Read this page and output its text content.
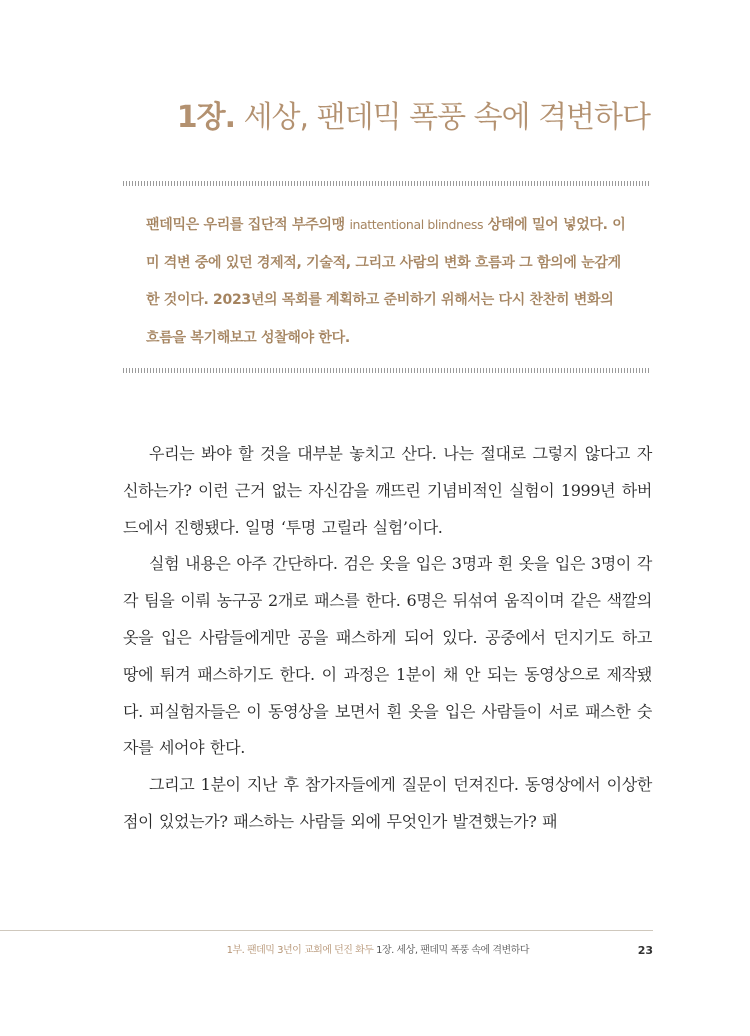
1장. 세상, 팬데믹 폭풍 속에 격변하다

팬데믹은 우리를 집단적 부주의맹 inattentional blindness 상태에 밀어 넣었다. 이미 격변 중에 있던 경제적, 기술적, 그리고 사람의 변화 흐름과 그 함의에 눈감게 한 것이다. 2023년의 목회를 계획하고 준비하기 위해서는 다시 찬찬히 변화의 흐름을 복기해보고 성찰해야 한다.

우리는 봐야 할 것을 대부분 놓치고 산다. 나는 절대로 그렇지 않다고 자신하는가? 이런 근거 없는 자신감을 깨뜨린 기념비적인 실험이 1999년 하버드에서 진행됐다. 일명 ‘투명 고릴라 실험’이다.

실험 내용은 아주 간단하다. 검은 옷을 입은 3명과 흰 옷을 입은 3명이 각각 팀을 이뤄 농구공 2개로 패스를 한다. 6명은 뒤섞여 움직이며 같은 색깔의 옷을 입은 사람들에게만 공을 패스하게 되어 있다. 공중에서 던지기도 하고 땅에 튀겨 패스하기도 한다. 이 과정은 1분이 채 안 되는 동영상으로 제작됐다. 피실험자들은 이 동영상을 보면서 흰 옷을 입은 사람들이 서로 패스한 숫자를 세어야 한다.

그리고 1분이 지난 후 참가자들에게 질문이 던져진다. 동영상에서 이상한 점이 있었는가? 패스하는 사람들 외에 무엇인가 발견했는가? 패

1부. 팬데믹 3년이 교회에 던진 화두 1장. 세상, 팬데믹 폭풍 속에 격변하다	23
